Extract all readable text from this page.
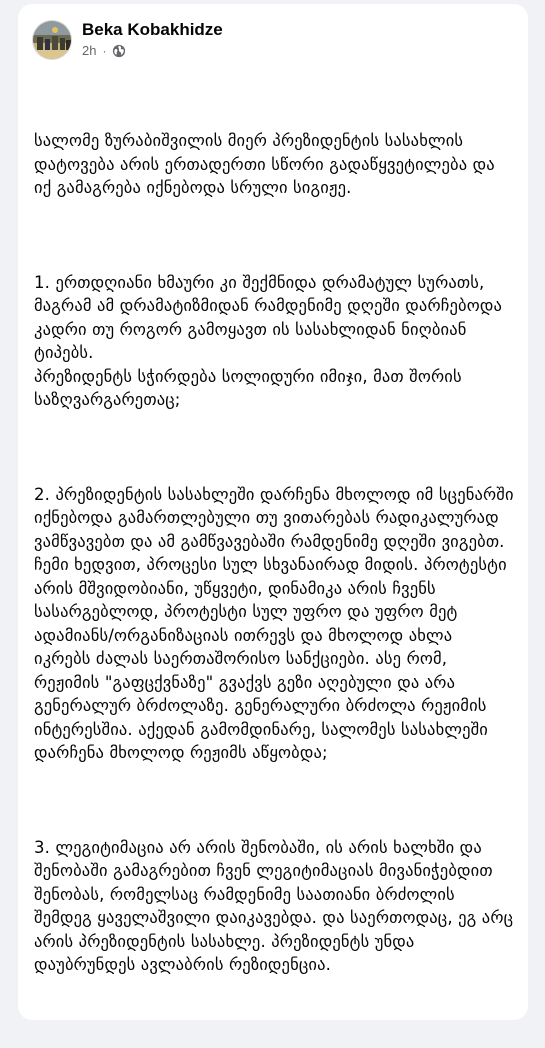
Beka Kobakhidze
2h ·

სალომე ზურაბიშვილის მიერ პრეზიდენტის სასახლის დატოვება არის ერთადერთი სწორი გადაწყვეტილება და იქ გამაგრება იქნებოდა სრული სიგიჟე.

1. ერთდღიანი ხმაური კი შექმნიდა დრამატულ სურათს, მაგრამ ამ დრამატიზმიდან რამდენიმე დღეში დარჩებოდა კადრი თუ როგორ გამოყავთ ის სასახლიდან ნიღბიან ტიპებს.
პრეზიდენტს სჭირდება სოლიდური იმიჯი, მათ შორის საზღვარგარეთაც;

2. პრეზიდენტის სასახლეში დარჩენა მხოლოდ იმ სცენარში იქნებოდა გამართლებული თუ ვითარებას რადიკალურად ვამწვავებთ და ამ გამწვავებაში რამდენიმე დღეში ვიგებთ. ჩემი ხედვით, პროცესი სულ სხვანაირად მიდის. პროტესტი არის მშვიდობიანი, უწყვეტი, დინამიკა არის ჩვენს სასარგებლოდ, პროტესტი სულ უფრო და უფრო მეტ ადამიანს/ორგანიზაციას ითრევს და მხოლოდ ახლა იკრებს ძალას საერთაშორისო სანქციები. ასე რომ, რეჟიმის "გაფცქვნაზე" გვაქვს გეზი აღებული და არა გენერალურ ბრძოლაზე. გენერალური ბრძოლა რეჟიმის ინტერესშია. აქედან გამომდინარე, სალომეს სასახლეში დარჩენა მხოლოდ რეჟიმს აწყობდა;

3. ლეგიტიმაცია არ არის შენობაში, ის არის ხალხში და შენობაში გამაგრებით ჩვენ ლეგიტიმაციას მივანიჭებდით შენობას, რომელსაც რამდენიმე საათიანი ბრძოლის შემდეგ ყაველაშვილი დაიკავებდა. და საერთოდაც, ეგ არც არის პრეზიდენტის სასახლე. პრეზიდენტს უნდა დაუბრუნდეს ავლაბრის რეზიდენცია.
